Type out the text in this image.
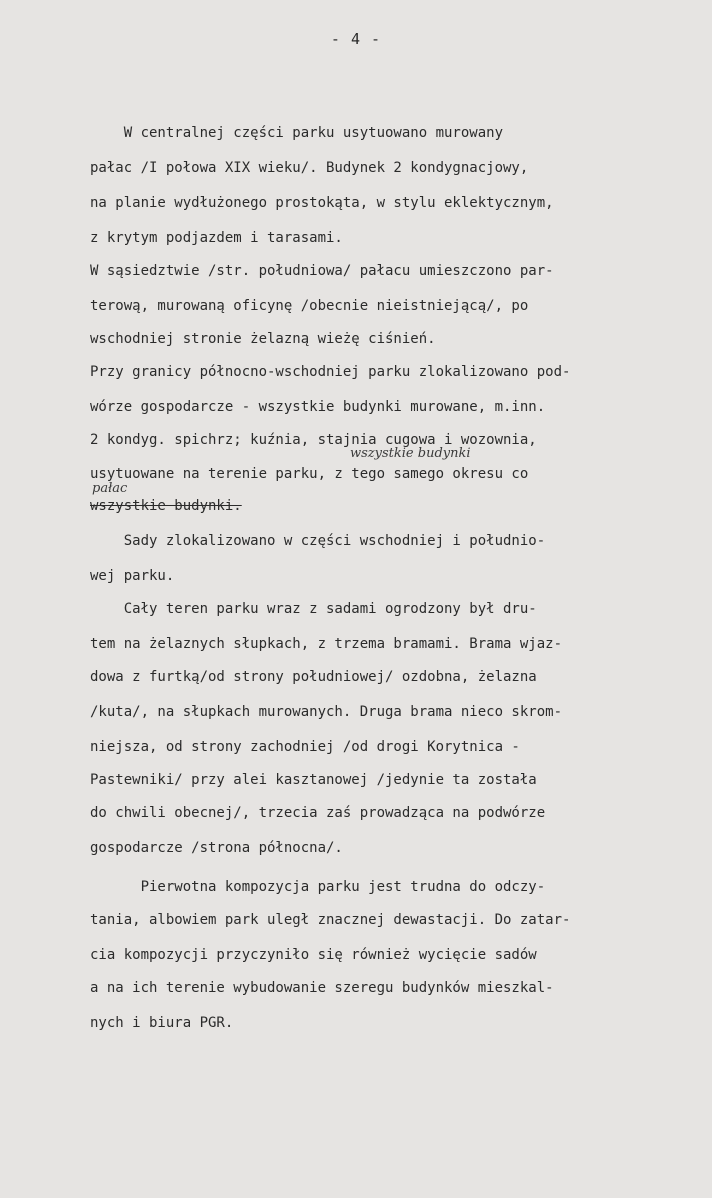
- 4 -
W centralnej części parku usytuowano murowany
pałac /I połowa XIX wieku/. Budynek 2 kondygnacjowy,
na planie wydłużonego prostokąta, w stylu eklektycznym,
z krytym podjazdem i tarasami.
W sąsiedztwie /str. południowa/ pałacu umieszczono par-
terową, murowaną oficynę /obecnie nieistniejącą/, po
wschodniej stronie żelazną wieżę ciśnień.
Przy granicy północno-wschodniej parku zlokalizowano pod-
wórze gospodarcze - wszystkie budynki murowane, m.inn.
2 kondyg. spichrz; kuźnia, stajnia cugowa i wozownia,
wszystkie budynki
usytuowane na terenie parku, z tego samego okresu co
pałac
wszystkie budynki.
Sady zlokalizowano w części wschodniej i południo-
wej parku.
Cały teren parku wraz z sadami ogrodzony był dru-
tem na żelaznych słupkach, z trzema bramami. Brama wjaz-
dowa z furtką/od strony południowej/ ozdobna, żelazna
/kuta/, na słupkach murowanych. Druga brama nieco skrom-
niejsza, od strony zachodniej /od drogi Korytnica -
Pastewniki/ przy alei kasztanowej /jedynie ta została
do chwili obecnej/, trzecia zaś prowadząca na podwórze
gospodarcze /strona północna/.
Pierwotna kompozycja parku jest trudna do odczy-
tania, albowiem park uległ znacznej dewastacji. Do zatar-
cia kompozycji przyczyniło się również wycięcie sadów
a na ich terenie wybudowanie szeregu budynków mieszkal-
nych i biura PGR.
